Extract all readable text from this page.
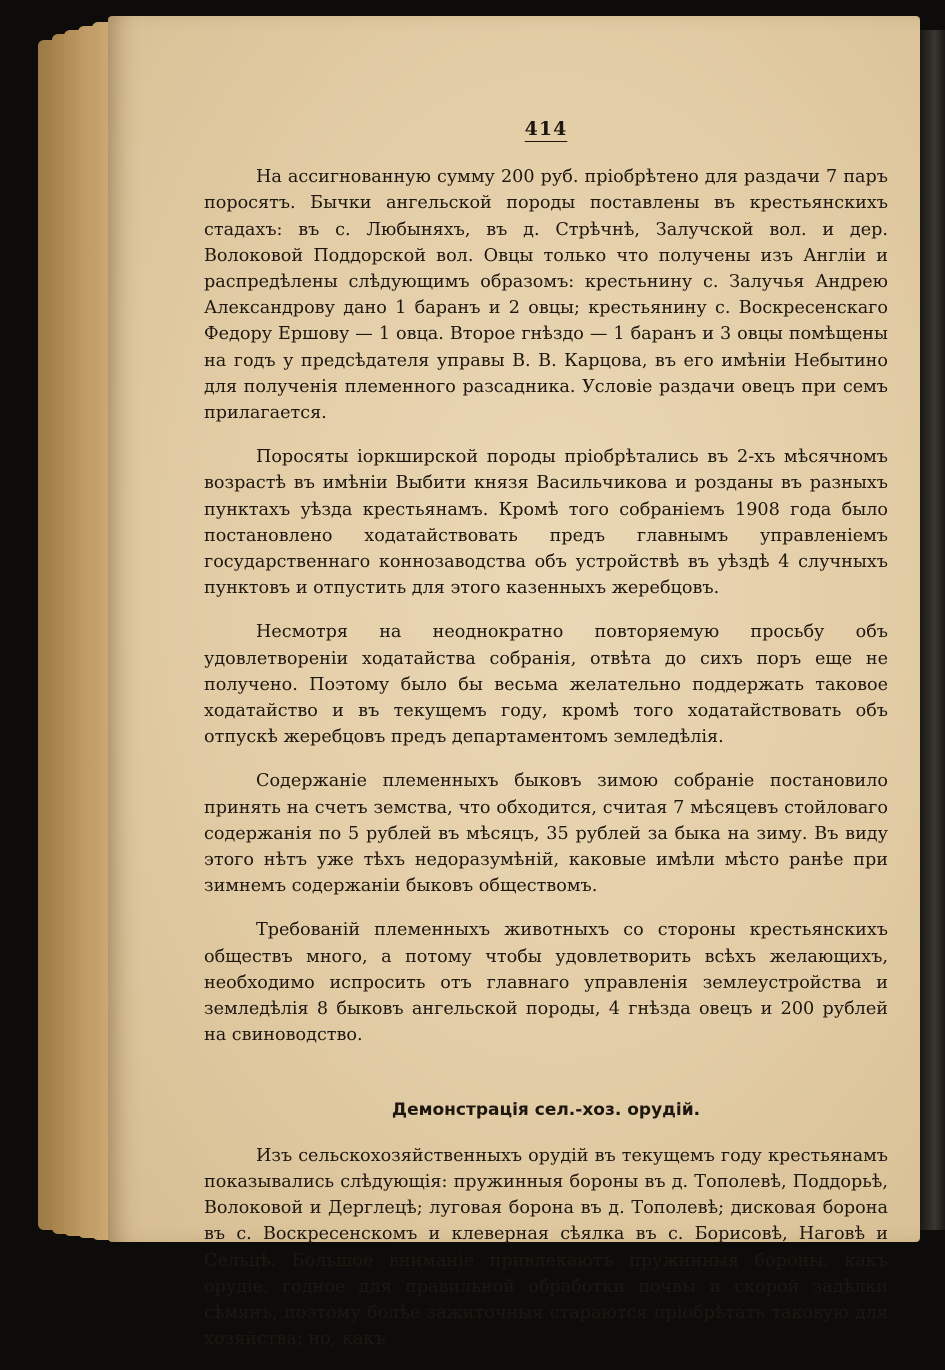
414

На ассигнованную сумму 200 руб. пріобрѣтено для раздачи 7 паръ поросятъ. Бычки ангельской породы поставлены въ крестьянскихъ стадахъ: въ с. Любыняхъ, въ д. Стрѣчнѣ, Залучской вол. и дер. Волоковой Поддорской вол. Овцы только что получены изъ Англіи и распредѣлены слѣдующимъ образомъ: крестьнину с. Залучья Андрею Александрову дано 1 баранъ и 2 овцы; крестьянину с. Воскресенскаго Федору Ершову — 1 овца. Второе гнѣздо — 1 баранъ и 3 овцы помѣщены на годъ у предсѣдателя управы В. В. Карцова, въ его имѣніи Небытино для полученія племенного разсадника. Условіе раздачи овецъ при семъ прилагается.

Поросяты іоркширской породы пріобрѣтались въ 2-хъ мѣсячномъ возрастѣ въ имѣніи Выбити князя Васильчикова и розданы въ разныхъ пунктахъ уѣзда крестьянамъ. Кромѣ того собраніемъ 1908 года было постановлено ходатайствовать предъ главнымъ управленіемъ государственнаго коннозаводства объ устройствѣ въ уѣздѣ 4 случныхъ пунктовъ и отпустить для этого казенныхъ жеребцовъ.

Несмотря на неоднократно повторяемую просьбу объ удовлетвореніи ходатайства собранія, отвѣта до сихъ поръ еще не получено. Поэтому было бы весьма желательно поддержать таковое ходатайство и въ текущемъ году, кромѣ того ходатайствовать объ отпускѣ жеребцовъ предъ департаментомъ земледѣлія.

Содержаніе племенныхъ быковъ зимою собраніе постановило принять на счетъ земства, что обходится, считая 7 мѣсяцевъ стойловаго содержанія по 5 рублей въ мѣсяцъ, 35 рублей за быка на зиму. Въ виду этого нѣтъ уже тѣхъ недоразумѣній, каковые имѣли мѣсто ранѣе при зимнемъ содержаніи быковъ обществомъ.

Требованій племенныхъ животныхъ со стороны крестьянскихъ обществъ много, а потому чтобы удовлетворить всѣхъ желающихъ, необходимо испросить отъ главнаго управленія землеустройства и земледѣлія 8 быковъ ангельской породы, 4 гнѣзда овецъ и 200 рублей на свиноводство.

Демонстрація сел.-хоз. орудій.

Изъ сельскохозяйственныхъ орудій въ текущемъ году крестьянамъ показывались слѣдующія: пружинныя бороны въ д. Тополевѣ, Поддорьѣ, Волоковой и Дерглецѣ; луговая борона въ д. Тополевѣ; дисковая борона въ с. Воскресенскомъ и клеверная сѣялка въ с. Борисовѣ, Наговѣ и Сельцѣ. Большое вниманіе привлекаютъ пружинныя бороны, какъ орудіе, годное для правильной обработки почвы и скорой задѣлки сѣмянъ, поэтому болѣе зажиточныя стараются пріобрѣтать таковую для хозяйства; но, какъ
